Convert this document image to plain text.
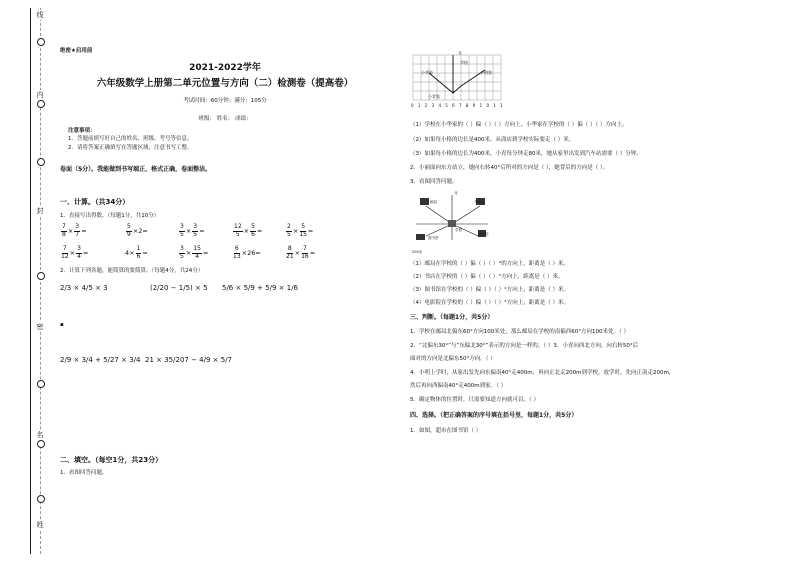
线
内
封
密
名
姓
绝密★启用前
2021-2022学年
六年级数学上册第二单元位置与方向（二）检测卷（提高卷）
考试时间：60分钟；满分：105分
班级： 姓名： 成绩：
注意事项：
1．答题前填写好自己的姓名、班级、考号等信息。
2．请将答案正确填写在答题区域，注意书写工整。
卷面（5分）。我能做到书写端正，格式正确，卷面整洁。
一、计算。（共34分）
1．直接写出得数。（每题1分，共10分）
$\frac{7}{8} \times \frac{3}{7}$ =	$\frac{5}{9} \times 2$ =	$\frac{3}{5} \times \frac{3}{5}$ =	$\frac{12}{5} \times \frac{5}{6}$ =	$\frac{2}{5} \times \frac{5}{15}$ =
$\frac{7}{12} \times \frac{3}{4}$ =	$4 \times \frac{1}{6}$ =	$\frac{3}{5} \times \frac{15}{4}$ =	$\frac{6}{13} \times 26$ =	$\frac{8}{21} \times \frac{7}{16}$ =
2．计算下列各题。能简算的要简算。（每题4分，共24分）
2/3 × 4/5 × 3	(2/20 − 1/5) × 5 5/6 × 5/9 + 5/9 × 1/6
▪
2/9 × 3/4 + 5/27 × 3/4 21 × 35/207 − 4/9 × 5/7
二、填空。（每空1分，共23分）
1．看图回答问题。
北
小华家
学校
小明家
小青家
01234567891011
（1）学校在小华家的（ ）偏（ ）（ ）方向上，小华家在学校的（ ）偏（ ）（ ）方向上。
（2）如果每小格的边长是400米，从商店到学校实际要走（ ）米。
（3）如果每小格的边长为400米，小青每分钟走80米，她从家里出发到汽车站需要（ ）分钟。
2．小丽面向东方站立，她向右转40°后所对的方向是（ ），她背后的方向是（ ）。
3．看图回答问题。
邮局	书店
图书馆
电影院
学校
北
200米
（1）邮局在学校的（ ）偏（ ）（ ）°的方向上，距离是（ ）米。
（2）书店在学校的（ ）偏（ ）（ ）°方向上，距离是（ ）米。
（3）图书馆在学校的（ ）偏（ ）（ ）°方向上，距离是（ ）米。
（4）电影院在学校的（ ）偏（ ）（ ）°方向上，距离是（ ）米。
三、判断。（每题1分，共5分）
1．学校在邮局北偏东60°方向100米处，那么邮局在学校的南偏西60°方向100米处。（ ）
2．“北偏东30°”与“东偏北30°”表示的方向是一样的。（ ）3．小青向西北方向，向右转50°后
面对的方向是北偏东50°方向。（ ）
4．小明上学时，从家出发先向东偏南40°走400m，再向正北走200m到学校，放学时，先向正南走200m，
然后再向西偏南40°走400m到家。（ ）
5．确定物体的位置时，只需要知道方向就可以。（ ）
四、选择。（把正确答案的序号填在括号里，每题1分，共5分）
1．如图，超市在图书馆（ ）
